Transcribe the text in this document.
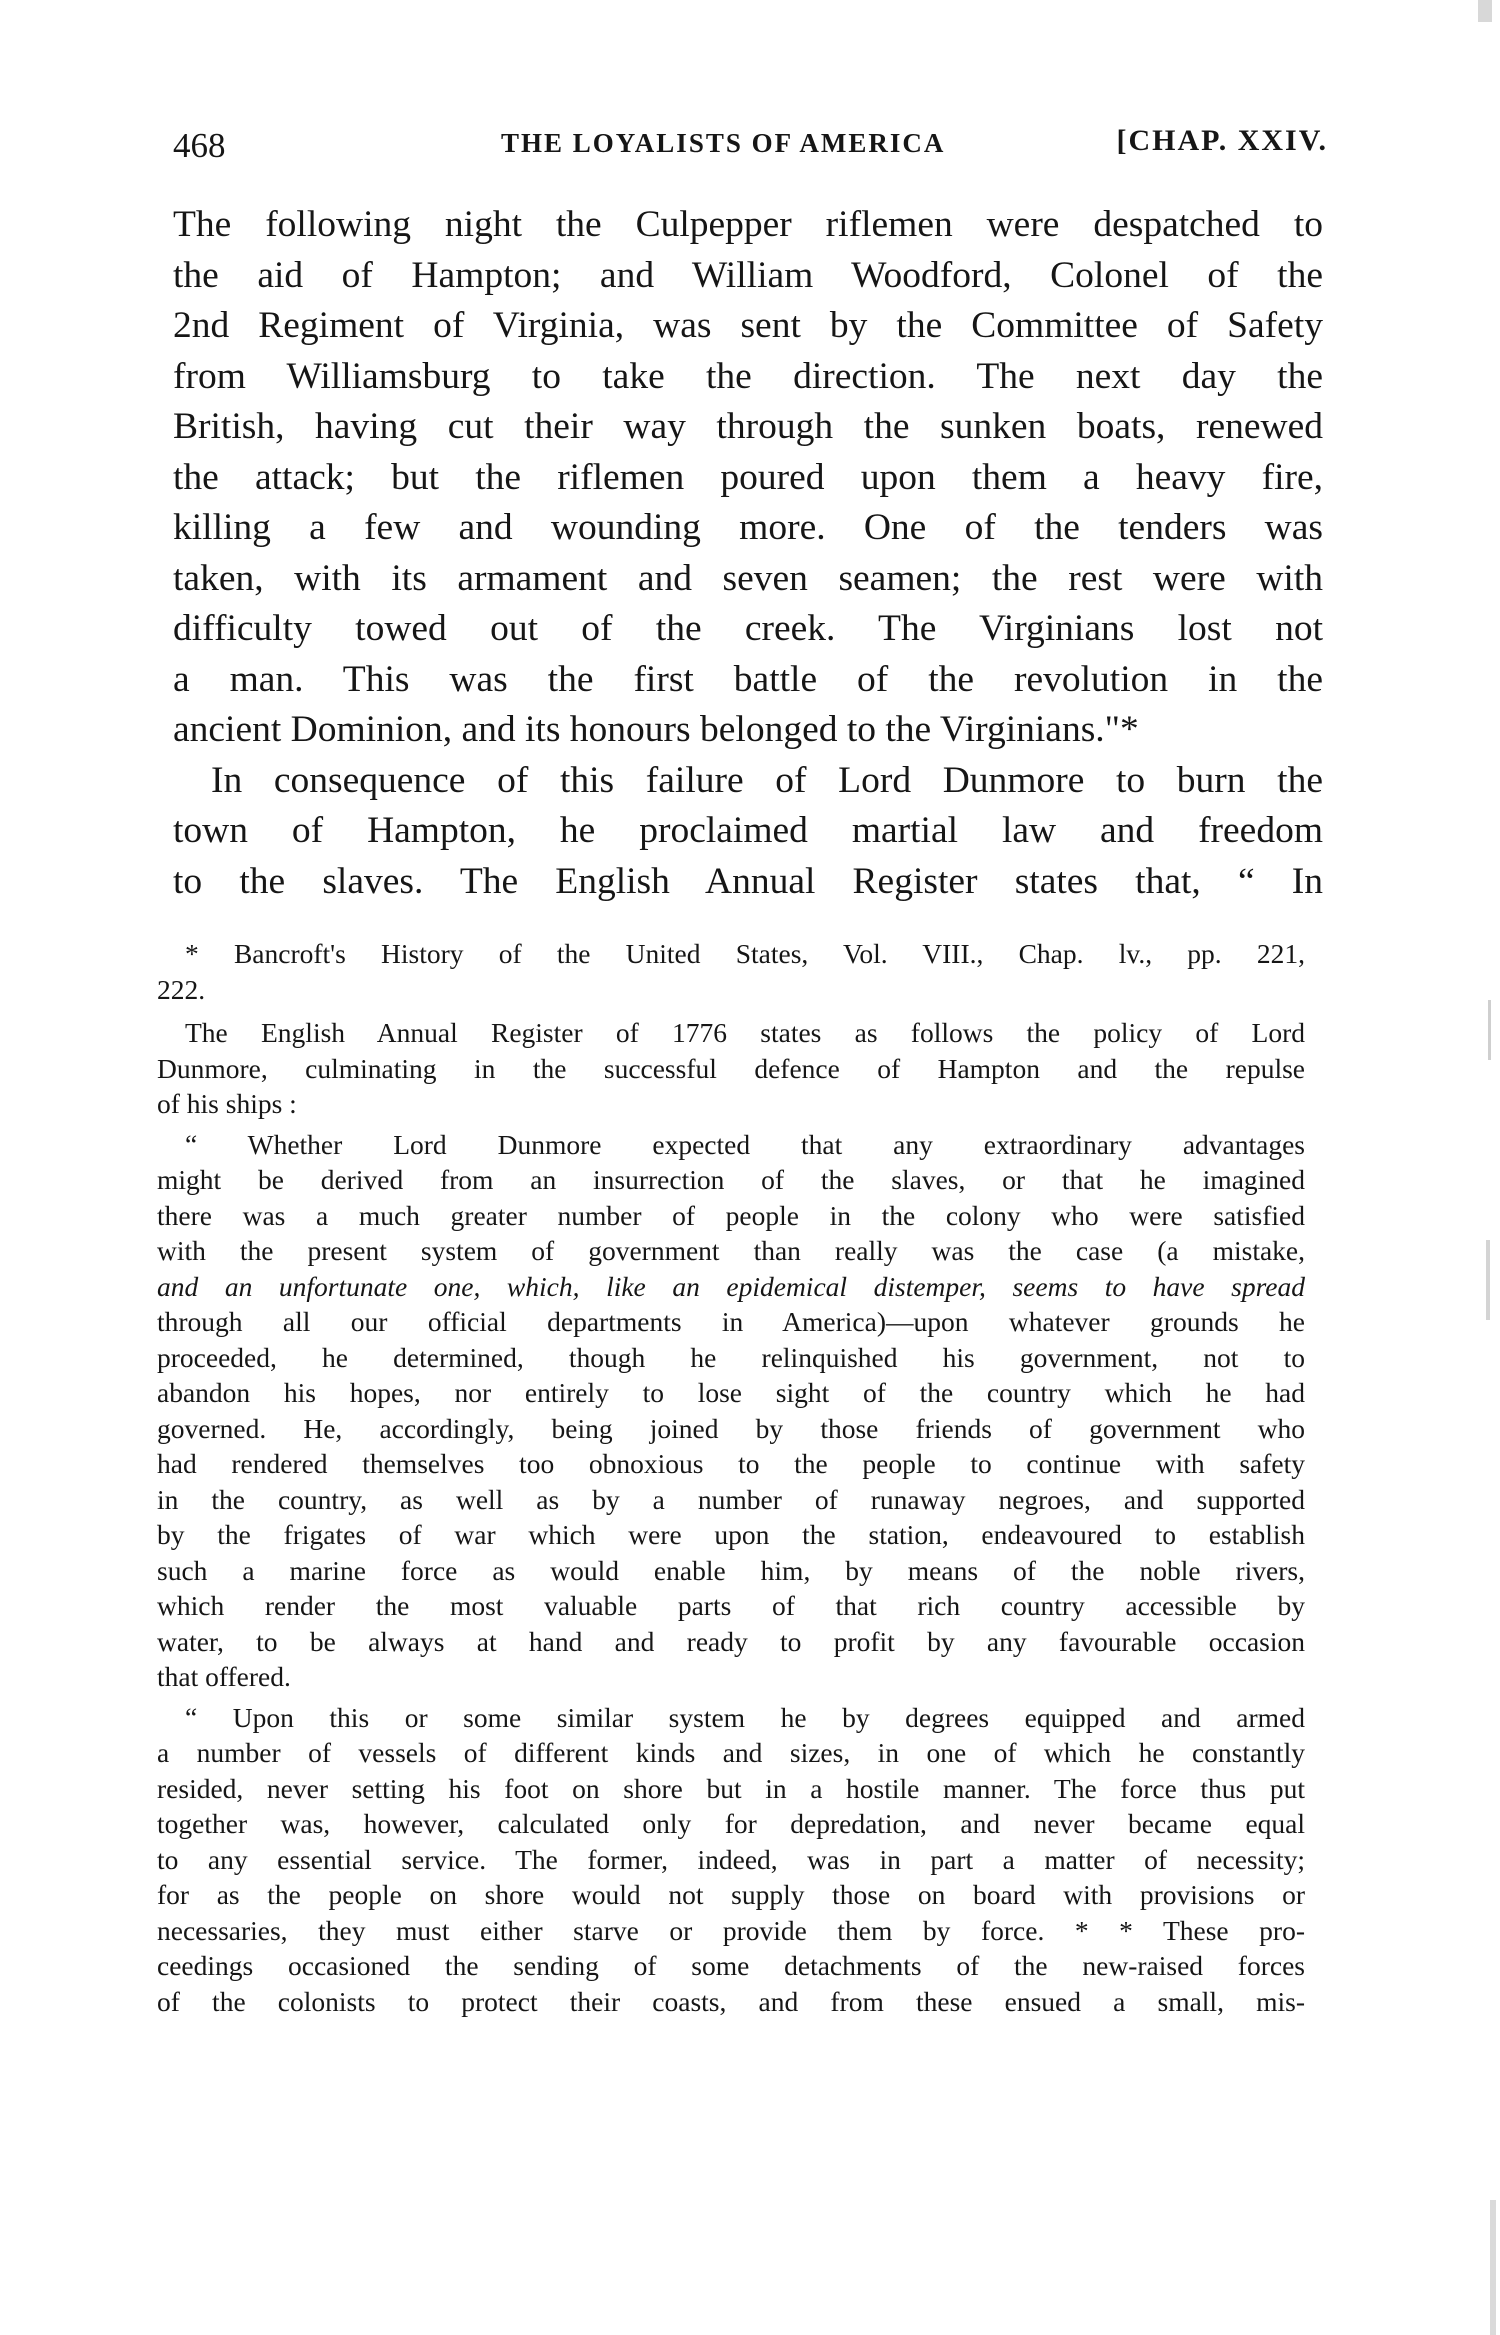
468	THE LOYALISTS OF AMERICA	[CHAP. XXIV.
The following night the Culpepper riflemen were despatched to
the aid of Hampton; and William Woodford, Colonel of the
2nd Regiment of Virginia, was sent by the Committee of Safety
from Williamsburg to take the direction. The next day the
British, having cut their way through the sunken boats, renewed
the attack; but the riflemen poured upon them a heavy fire,
killing a few and wounding more. One of the tenders was
taken, with its armament and seven seamen; the rest were with
difficulty towed out of the creek. The Virginians lost not
a man. This was the first battle of the revolution in the
ancient Dominion, and its honours belonged to the Virginians."*
In consequence of this failure of Lord Dunmore to burn the
town of Hampton, he proclaimed martial law and freedom
to the slaves. The English Annual Register states that, “ In
* Bancroft's History of the United States, Vol. VIII., Chap. lv., pp. 221,
222.
The English Annual Register of 1776 states as follows the policy of Lord
Dunmore, culminating in the successful defence of Hampton and the repulse
of his ships :
“ Whether Lord Dunmore expected that any extraordinary advantages
might be derived from an insurrection of the slaves, or that he imagined
there was a much greater number of people in the colony who were satisfied
with the present system of government than really was the case (a mistake,
and an unfortunate one, which, like an epidemical distemper, seems to have spread
through all our official departments in America)—upon whatever grounds he
proceeded, he determined, though he relinquished his government, not to
abandon his hopes, nor entirely to lose sight of the country which he had
governed. He, accordingly, being joined by those friends of government who
had rendered themselves too obnoxious to the people to continue with safety
in the country, as well as by a number of runaway negroes, and supported
by the frigates of war which were upon the station, endeavoured to establish
such a marine force as would enable him, by means of the noble rivers,
which render the most valuable parts of that rich country accessible by
water, to be always at hand and ready to profit by any favourable occasion
that offered.
“ Upon this or some similar system he by degrees equipped and armed
a number of vessels of different kinds and sizes, in one of which he constantly
resided, never setting his foot on shore but in a hostile manner. The force thus put
together was, however, calculated only for depredation, and never became equal
to any essential service. The former, indeed, was in part a matter of necessity;
for as the people on shore would not supply those on board with provisions or
necessaries, they must either starve or provide them by force. * * These pro-
ceedings occasioned the sending of some detachments of the new-raised forces
of the colonists to protect their coasts, and from these ensued a small, mis-
